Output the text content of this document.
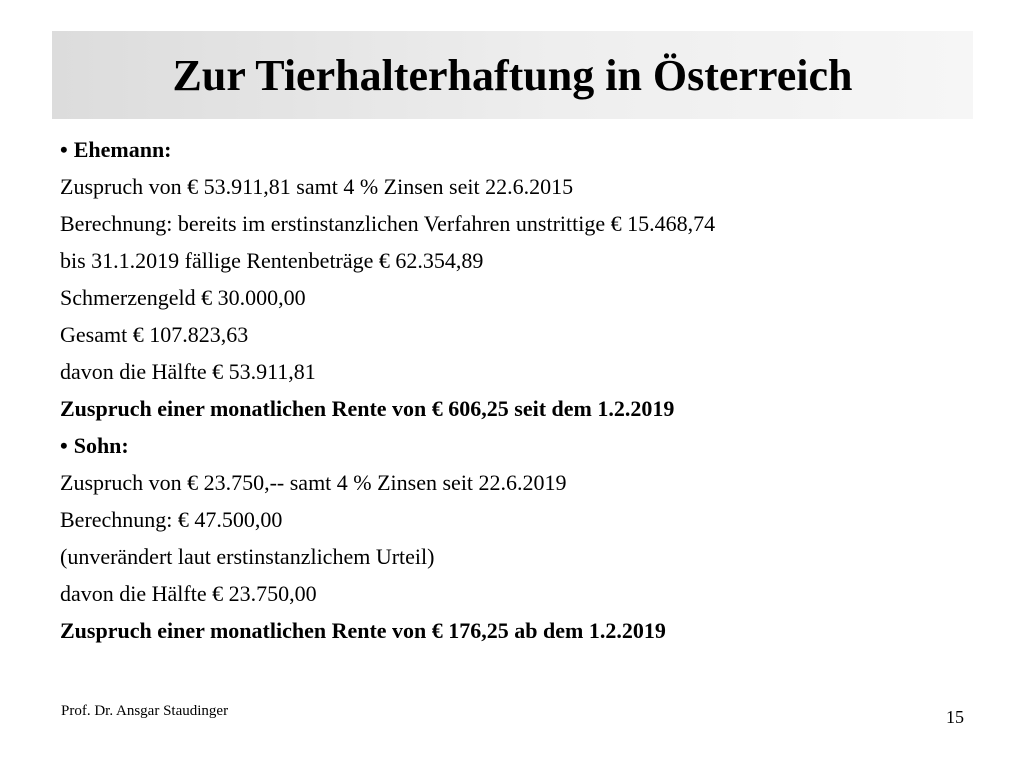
Zur Tierhalterhaftung in Österreich
• Ehemann:
Zuspruch von € 53.911,81 samt 4 % Zinsen seit 22.6.2015
Berechnung: bereits im erstinstanzlichen Verfahren unstrittige € 15.468,74
bis 31.1.2019 fällige Rentenbeträge € 62.354,89
Schmerzengeld € 30.000,00
Gesamt € 107.823,63
davon die Hälfte € 53.911,81
Zuspruch einer monatlichen Rente von € 606,25 seit dem 1.2.2019
• Sohn:
Zuspruch von € 23.750,-- samt 4 % Zinsen seit 22.6.2019
Berechnung: € 47.500,00
(unverändert laut erstinstanzlichem Urteil)
davon die Hälfte € 23.750,00
Zuspruch einer monatlichen Rente von € 176,25 ab dem 1.2.2019
Prof. Dr. Ansgar Staudinger	15
